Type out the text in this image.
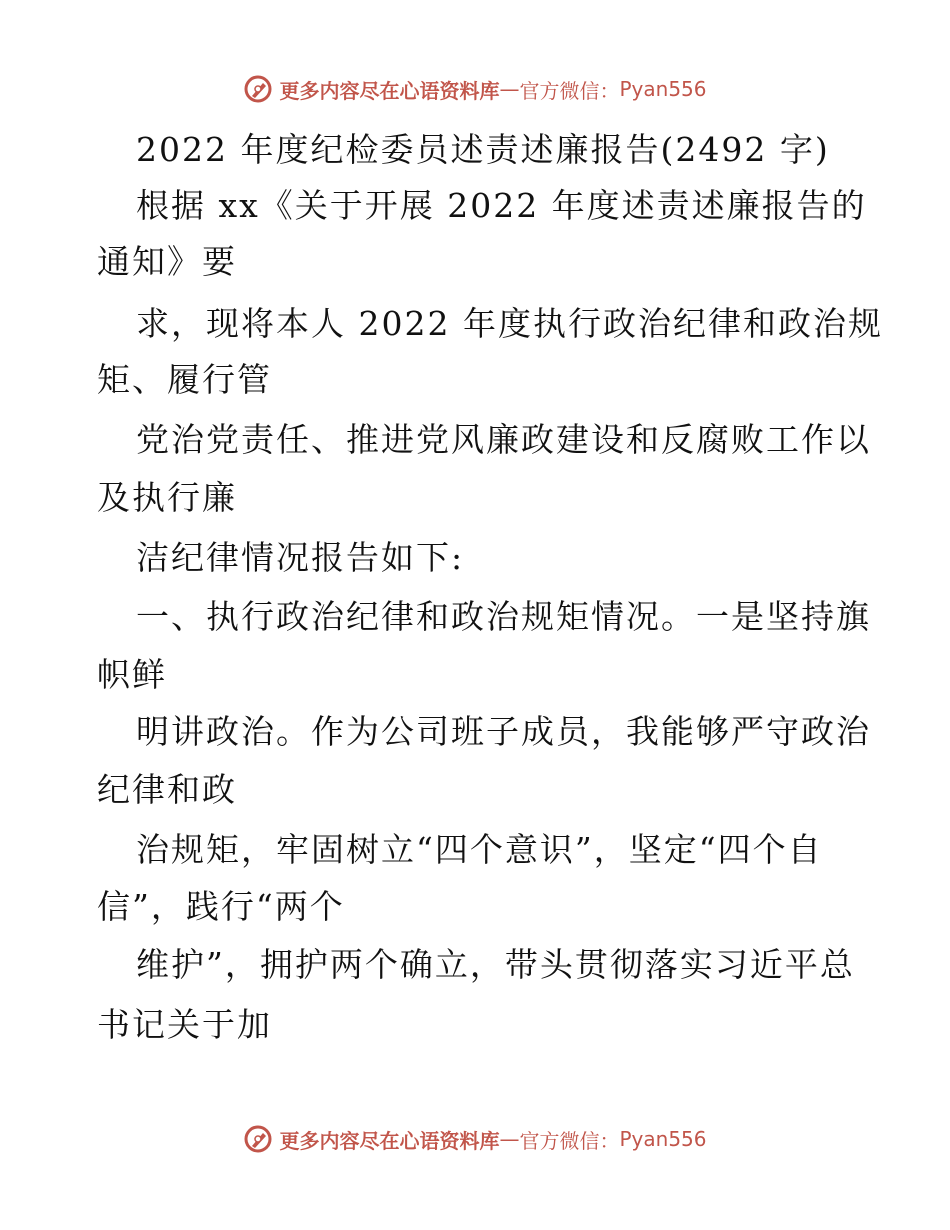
更多内容尽在心语资料库 — 官方微信： Pyan556
2022 年度纪检委员述责述廉报告(2492 字)
根据 xx《关于开展 2022 年度述责述廉报告的
通知》要
求，现将本人 2022 年度执行政治纪律和政治规
矩、履行管
党治党责任、推进党风廉政建设和反腐败工作以
及执行廉
洁纪律情况报告如下:
一、执行政治纪律和政治规矩情况。一是坚持旗
帜鲜
明讲政治。作为公司班子成员，我能够严守政治
纪律和政
治规矩，牢固树立“四个意识”，坚定“四个自
信”，践行“两个
维护”，拥护两个确立，带头贯彻落实习近平总
书记关于加
更多内容尽在心语资料库 — 官方微信： Pyan556
